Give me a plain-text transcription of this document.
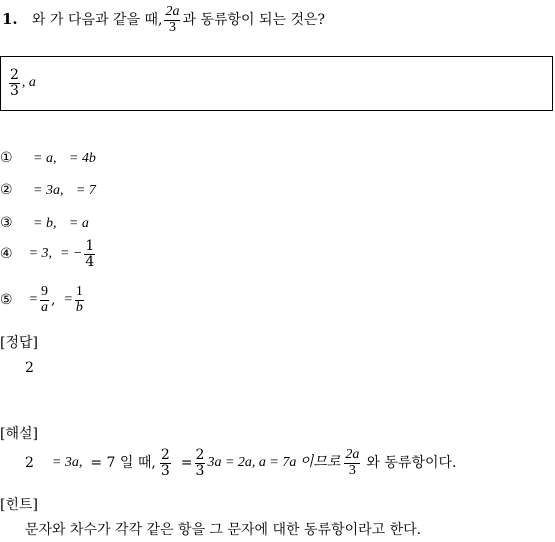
1. 와 가 다음과 같을 때, $\frac{2a}{3}$ 과 동류항이 되는 것은?
$\frac{2}{3}$ , a
① = a, = 4b
② = 3a, = 7
③ = b, = a
④ = 3, = − $\frac{1}{4}$
⑤ = $\frac{9}{a}$ , = $\frac{1}{b}$
[정답]
2
[해설]
2 = 3a, = 7 일 때, $\frac{2}{3} = \frac{2}{3} 3a = 2a$, a = 7a 이므로 $\frac{2a}{3}$ 와 동류항이다.
[힌트]
문자와 차수가 각각 같은 항을 그 문자에 대한 동류항이라고 한다.
